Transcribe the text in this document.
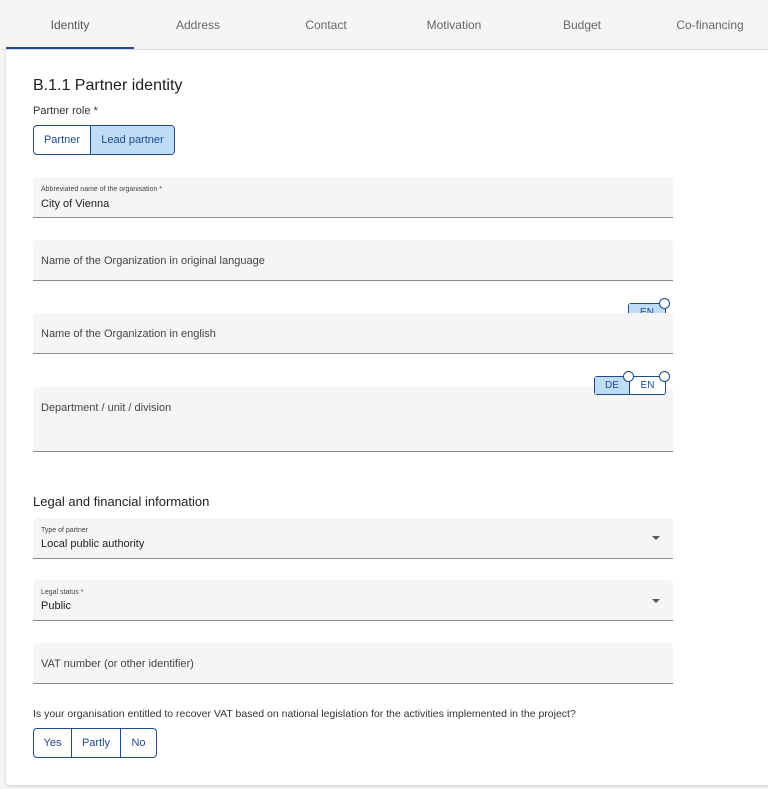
Identity	Address	Contact	Motivation	Budget	Co-financing
B.1.1 Partner identity
Partner role *
Partner	Lead partner
Abbreviated name of the organisation *
City of Vienna
Name of the Organization in original language
Name of the Organization in english
Department / unit / division
DE EN
Legal and financial information
Type of partner
Local public authority
Legal status *
Public
VAT number (or other identifier)
Is your organisation entitled to recover VAT based on national legislation for the activities implemented in the project?
Yes	Partly	No
